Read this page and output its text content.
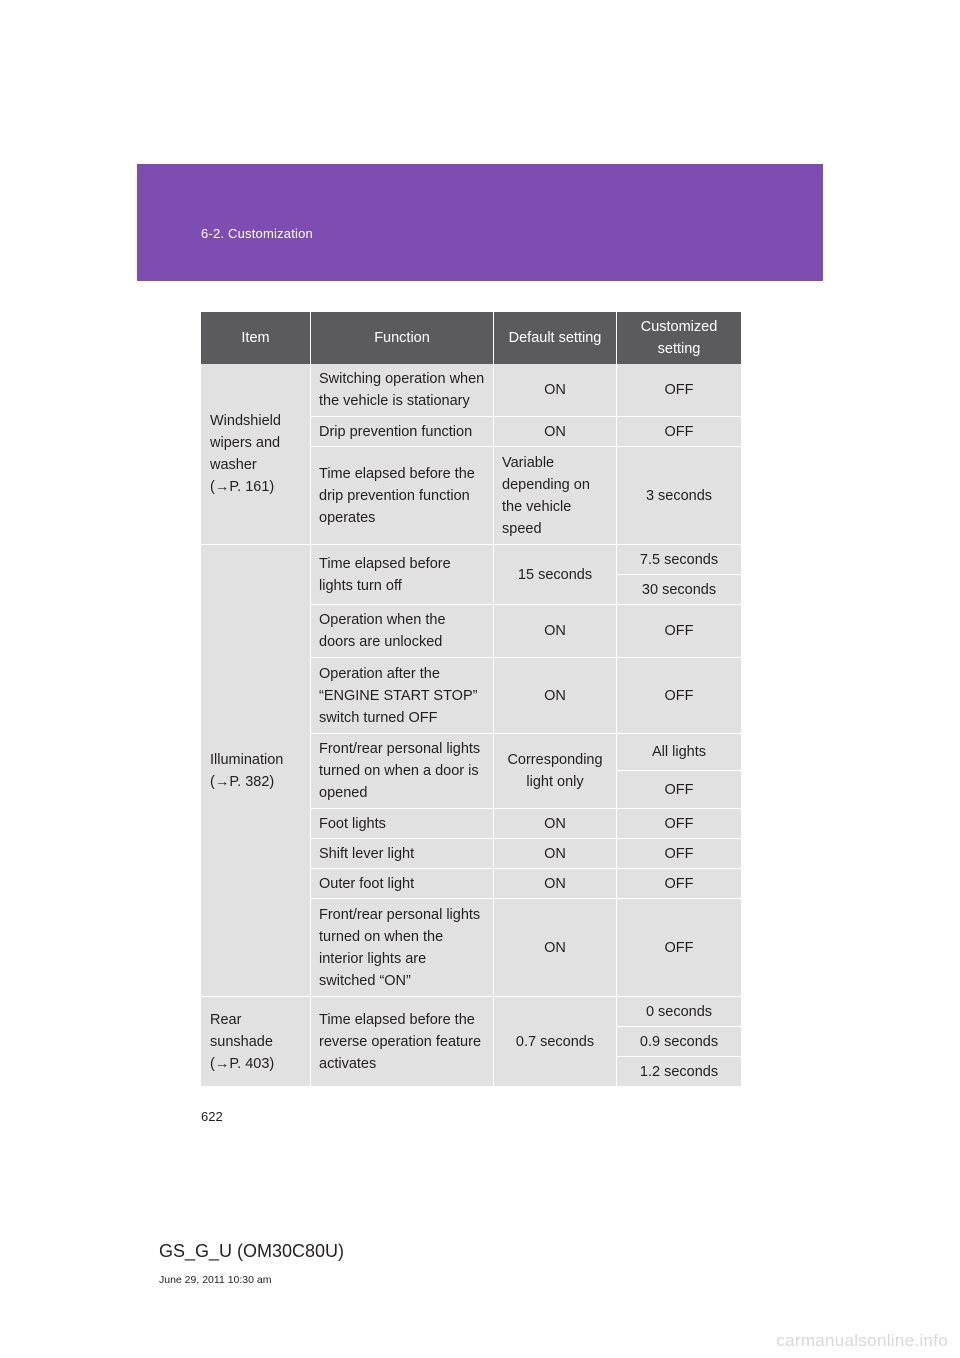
6-2. Customization
Item	Function	Default setting	Customized setting

Windshield
wipers and
washer
(→P. 161)	Switching operation when the vehicle is stationary	ON	OFF
	Drip prevention function	ON	OFF
	Time elapsed before the drip prevention function operates	Variable depending on the vehicle speed	3 seconds

Illumination
(→P. 382)	Time elapsed before lights turn off	15 seconds	7.5 seconds
			30 seconds
	Operation when the doors are unlocked	ON	OFF
	Operation after the “ENGINE START STOP” switch turned OFF	ON	OFF
	Front/rear personal lights turned on when a door is opened	Corresponding light only	All lights
			OFF
	Foot lights	ON	OFF
	Shift lever light	ON	OFF
	Outer foot light	ON	OFF
	Front/rear personal lights turned on when the interior lights are switched “ON”	ON	OFF

Rear sunshade
(→P. 403)	Time elapsed before the reverse operation feature activates	0.7 seconds	0 seconds
			0.9 seconds
			1.2 seconds
622
GS_G_U (OM30C80U)
June 29, 2011 10:30 am
carmanualsonline.info
